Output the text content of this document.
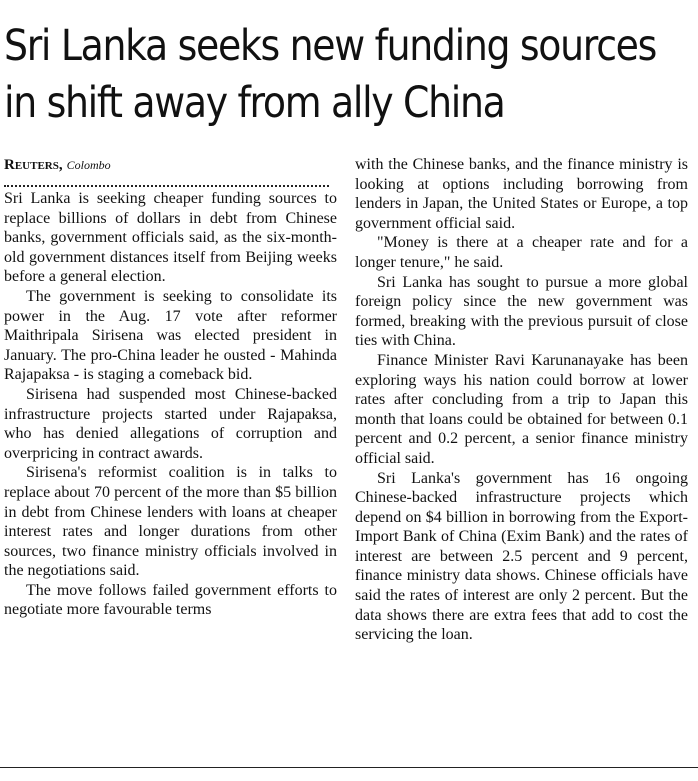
Sri Lanka seeks new funding sources
in shift away from ally China

Reuters, Colombo

Sri Lanka is seeking cheaper funding sources to replace billions of dollars in debt from Chinese banks, government officials said, as the six-month-old government distances itself from Beijing weeks before a general election.

The government is seeking to consolidate its power in the Aug. 17 vote after reformer Maithripala Sirisena was elected president in January. The pro-China leader he ousted - Mahinda Rajapaksa - is staging a comeback bid.

Sirisena had suspended most Chinese-backed infrastructure projects started under Rajapaksa, who has denied allegations of corruption and overpricing in contract awards.

Sirisena's reformist coalition is in talks to replace about 70 percent of the more than $5 billion in debt from Chinese lenders with loans at cheaper interest rates and longer durations from other sources, two finance ministry officials involved in the negotiations said.

The move follows failed government efforts to negotiate more favourable terms

with the Chinese banks, and the finance ministry is looking at options including borrowing from lenders in Japan, the United States or Europe, a top government official said.

"Money is there at a cheaper rate and for a longer tenure," he said.

Sri Lanka has sought to pursue a more global foreign policy since the new government was formed, breaking with the previous pursuit of close ties with China.

Finance Minister Ravi Karunanayake has been exploring ways his nation could borrow at lower rates after concluding from a trip to Japan this month that loans could be obtained for between 0.1 percent and 0.2 percent, a senior finance ministry official said.

Sri Lanka's government has 16 ongoing Chinese-backed infrastructure projects which depend on $4 billion in borrowing from the Export-Import Bank of China (Exim Bank) and the rates of interest are between 2.5 percent and 9 percent, finance ministry data shows. Chinese officials have said the rates of interest are only 2 percent. But the data shows there are extra fees that add to cost the servicing the loan.
